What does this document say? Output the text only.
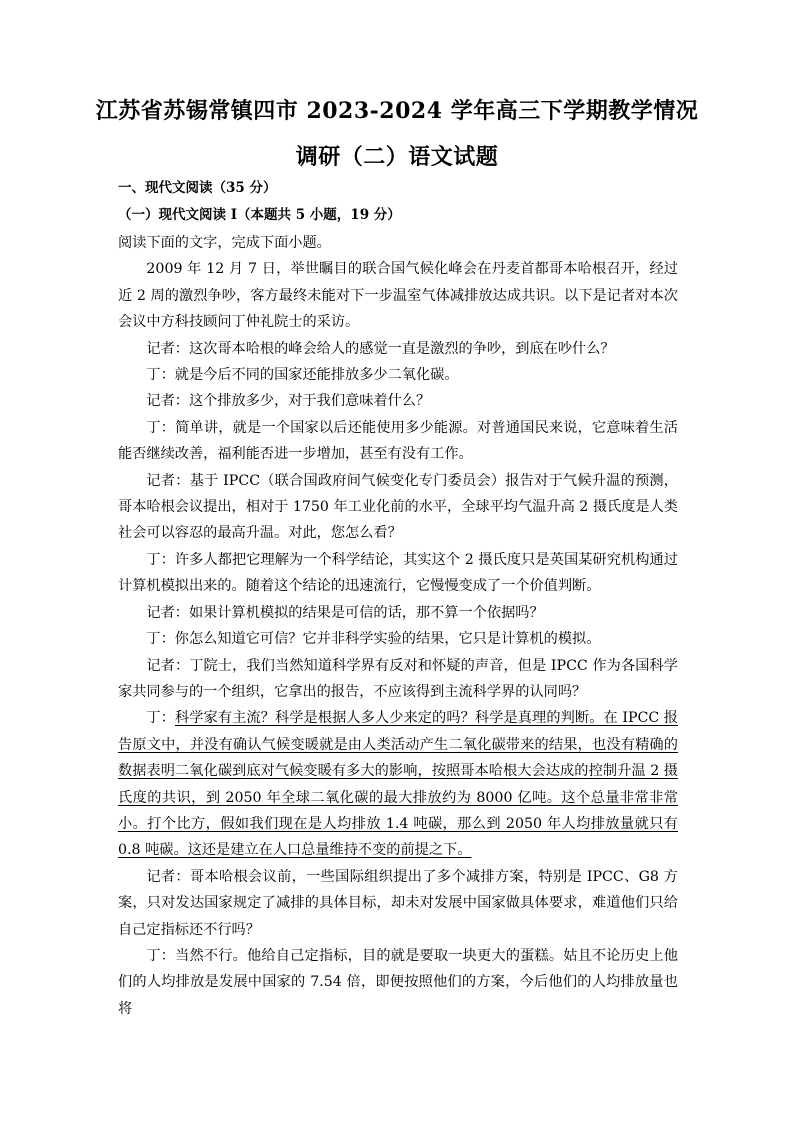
江苏省苏锡常镇四市 2023-2024 学年高三下学期教学情况
调研（二）语文试题
一、现代文阅读（35 分）
（一）现代文阅读 I（本题共 5 小题，19 分）

阅读下面的文字，完成下面小题。

2009 年 12 月 7 日，举世瞩目的联合国气候化峰会在丹麦首都哥本哈根召开，经过近 2 周的激烈争吵，客方最终未能对下一步温室气体减排放达成共识。以下是记者对本次会议中方科技顾问丁仲礼院士的采访。

记者：这次哥本哈根的峰会给人的感觉一直是激烈的争吵，到底在吵什么？

丁：就是今后不同的国家还能排放多少二氧化碳。

记者：这个排放多少，对于我们意味着什么？

丁：简单讲，就是一个国家以后还能使用多少能源。对普通国民来说，它意味着生活能否继续改善，福利能否进一步增加，甚至有没有工作。

记者：基于 IPCC（联合国政府间气候变化专门委员会）报告对于气候升温的预测，哥本哈根会议提出，相对于 1750 年工业化前的水平，全球平均气温升高 2 摄氏度是人类社会可以容忍的最高升温。对此，您怎么看？

丁：许多人都把它理解为一个科学结论，其实这个 2 摄氏度只是英国某研究机构通过计算机模拟出来的。随着这个结论的迅速流行，它慢慢变成了一个价值判断。

记者：如果计算机模拟的结果是可信的话，那不算一个依据吗？

丁：你怎么知道它可信？它并非科学实验的结果，它只是计算机的模拟。

记者：丁院士，我们当然知道科学界有反对和怀疑的声音，但是 IPCC 作为各国科学家共同参与的一个组织，它拿出的报告，不应该得到主流科学界的认同吗？

丁：科学家有主流？科学是根据人多人少来定的吗？科学是真理的判断。在 IPCC 报告原文中，并没有确认气候变暖就是由人类活动产生二氧化碳带来的结果，也没有精确的数据表明二氧化碳到底对气候变暖有多大的影响，按照哥本哈根大会达成的控制升温 2 摄氏度的共识，到 2050 年全球二氧化碳的最大排放约为 8000 亿吨。这个总量非常非常小。打个比方，假如我们现在是人均排放 1.4 吨碳，那么到 2050 年人均排放量就只有 0.8 吨碳。这还是建立在人口总量维持不变的前提之下。

记者：哥本哈根会议前，一些国际组织提出了多个减排方案，特别是 IPCC、G8 方案，只对发达国家规定了减排的具体目标，却未对发展中国家做具体要求，难道他们只给自己定指标还不行吗？

丁：当然不行。他给自己定指标，目的就是要取一块更大的蛋糕。姑且不论历史上他们的人均排放是发展中国家的 7.54 倍，即便按照他们的方案，今后他们的人均排放量也将
